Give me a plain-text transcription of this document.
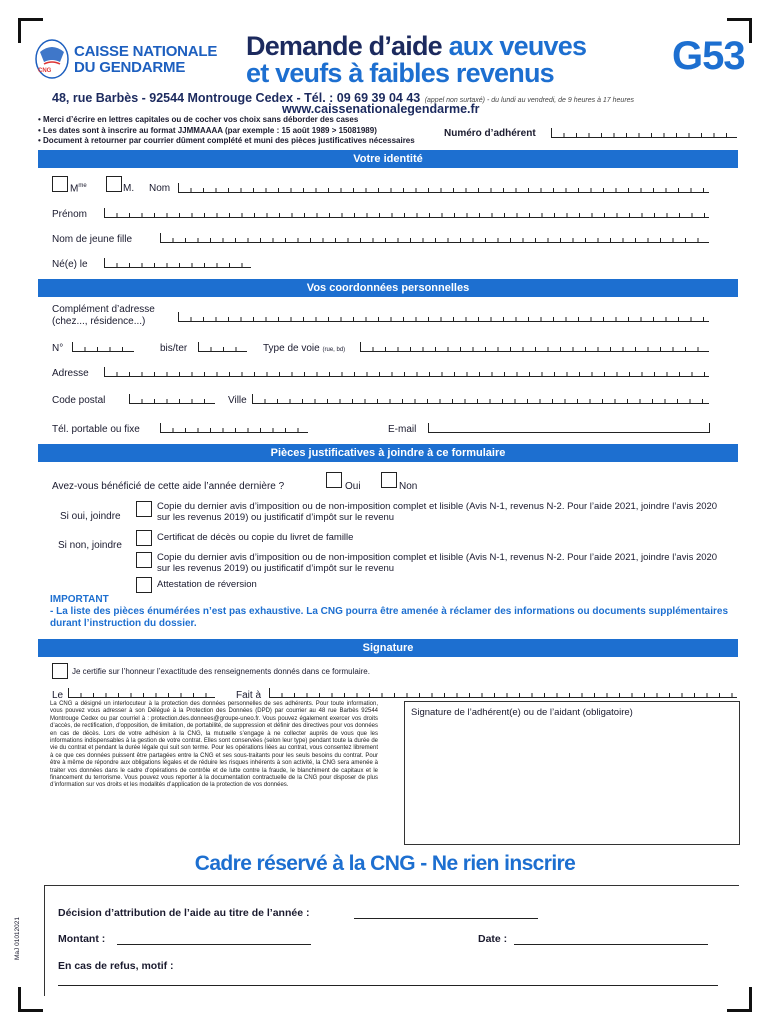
CNG
CAISSE NATIONALE
DU GENDARME
Demande d’aide aux veuves
et veufs à faibles revenus	G53
48, rue Barbès - 92544 Montrouge Cedex - Tél. : 09 69 39 04 43 (appel non surtaxé) - du lundi au vendredi, de 9 heures à 17 heures
www.caissenationalegendarme.fr
• Merci d’écrire en lettres capitales ou de cocher vos choix sans déborder des cases
• Les dates sont à inscrire au format JJMMAAAA (par exemple : 15 août 1989 > 15081989)
• Document à retourner par courrier dûment complété et muni des pièces justificatives nécessaires
Numéro d’adhérent
Votre identité
$M^{me}$	M. Nom
Prénom
Nom de jeune fille
Né(e) le
Vos coordonnées personnelles
Complément d’adresse
(chez..., résidence...)
N°	bis/ter	Type de voie (rue, bd)
Adresse
Code postal	Ville
Tél. portable ou fixe	E-mail
Pièces justificatives à joindre à ce formulaire
Avez-vous bénéficié de cette aide l’année dernière ?	Oui	Non
Si oui, joindre
Copie du dernier avis d’imposition ou de non-imposition complet et lisible (Avis N-1, revenus N-2. Pour l’aide 2021, joindre l’avis 2020 sur les revenus 2019) ou justificatif d’impôt sur le revenu
Si non, joindre
Certificat de décès ou copie du livret de famille
Copie du dernier avis d’imposition ou de non-imposition complet et lisible (Avis N-1, revenus N-2. Pour l’aide 2021, joindre l’avis 2020 sur les revenus 2019) ou justificatif d’impôt sur le revenu
Attestation de réversion
IMPORTANT
- La liste des pièces énumérées n’est pas exhaustive. La CNG pourra être amenée à réclamer des informations ou documents supplémentaires durant l’instruction du dossier.
Signature
Je certifie sur l’honneur l’exactitude des renseignements donnés dans ce formulaire.
Le	Fait à
La CNG a désigné un interlocuteur à la protection des données personnelles de ses adhérents. Pour toute information, vous pouvez vous adresser à son Délégué à la Protection des Données (DPD) par courrier au 48 rue Barbès 92544 Montrouge Cedex ou par courriel à : protection.des.donnees@groupe-uneo.fr. Vous pouvez également exercer vos droits d’accès, de rectification, d’opposition, de limitation, de portabilité, de suppression et définir des directives pour vos données en cas de décès. Lors de votre adhésion à la CNG, la mutuelle s’engage à ne collecter auprès de vous que les informations indispensables à la gestion de votre contrat. Elles sont conservées (selon leur type) pendant toute la durée de vie du contrat et pendant la durée légale qui suit son terme. Pour les opérations liées au contrat, vous consentez librement à ce que ces données puissent être partagées entre la CNG et ses sous-traitants pour les seuls besoins du contrat. Pour être à même de répondre aux obligations légales et de réduire les risques inhérents à son activité, la CNG sera amenée à traiter vos données dans le cadre d’opérations de contrôle et de lutte contre la fraude, le blanchiment de capitaux et le financement du terrorisme. Vous pouvez vous reporter à la documentation contractuelle de la CNG pour disposer de plus d’information sur vos droits et les modalités d’application de la protection de vos données.
Signature de l’adhérent(e) ou de l’aidant (obligatoire)
Cadre réservé à la CNG - Ne rien inscrire
Décision d’attribution de l’aide au titre de l’année :
Montant :	Date :
En cas de refus, motif :
MaJ 01012021
